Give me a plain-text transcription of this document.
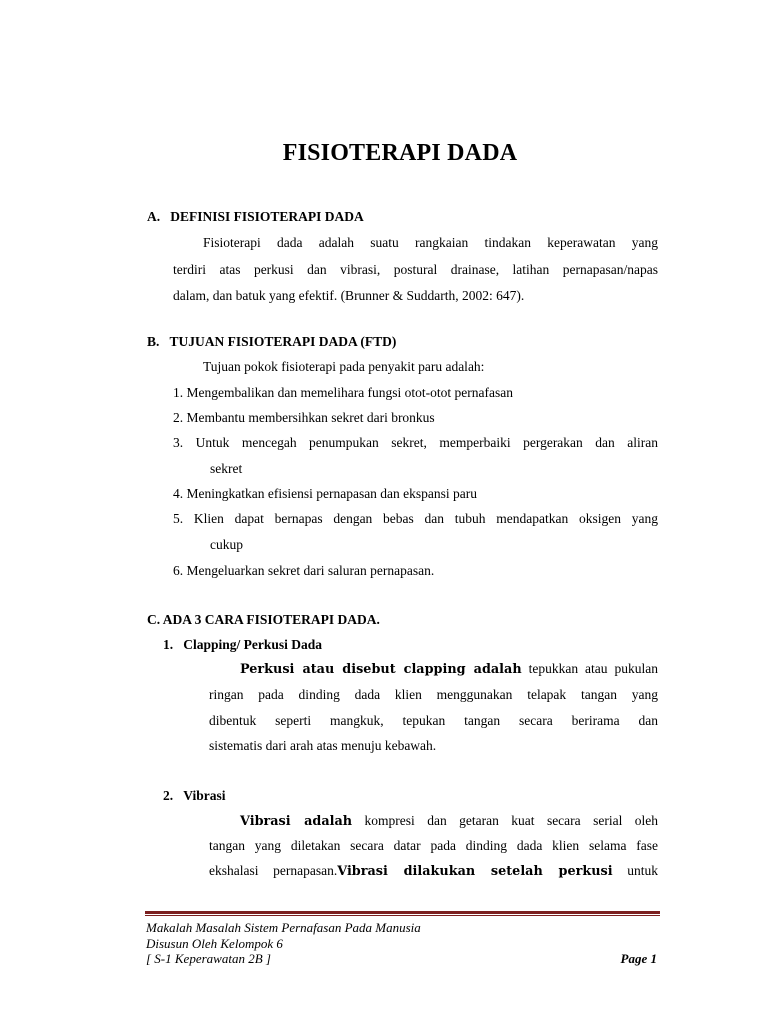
FISIOTERAPI DADA
A.   DEFINISI FISIOTERAPI DADA
Fisioterapi dada adalah suatu rangkaian tindakan keperawatan yang
terdiri atas perkusi dan vibrasi, postural drainase, latihan pernapasan/napas
dalam, dan batuk yang efektif. (Brunner & Suddarth, 2002: 647).
B.   TUJUAN FISIOTERAPI DADA (FTD)
Tujuan pokok fisioterapi pada penyakit paru adalah:
1. Mengembalikan dan memelihara fungsi otot-otot pernafasan
2. Membantu membersihkan sekret dari bronkus
3. Untuk mencegah penumpukan sekret, memperbaiki pergerakan dan aliran
sekret
4. Meningkatkan efisiensi pernapasan dan ekspansi paru
5. Klien dapat bernapas dengan bebas dan tubuh mendapatkan oksigen yang
cukup
6. Mengeluarkan sekret dari saluran pernapasan.
C. ADA 3 CARA FISIOTERAPI DADA.
1.   Clapping/ Perkusi Dada
Perkusi atau disebut clapping adalah tepukkan atau pukulan
ringan pada dinding dada klien menggunakan telapak tangan yang
dibentuk seperti mangkuk, tepukan tangan secara berirama dan
sistematis dari arah atas menuju kebawah.
2.   Vibrasi
Vibrasi adalah kompresi dan getaran kuat secara serial oleh
tangan yang diletakan secara datar pada dinding dada klien selama fase
ekshalasi pernapasan.Vibrasi dilakukan setelah perkusi untuk
Makalah Masalah Sistem Pernafasan Pada Manusia
Disusun Oleh Kelompok 6
[ S-1 Keperawatan 2B ]	Page 1
